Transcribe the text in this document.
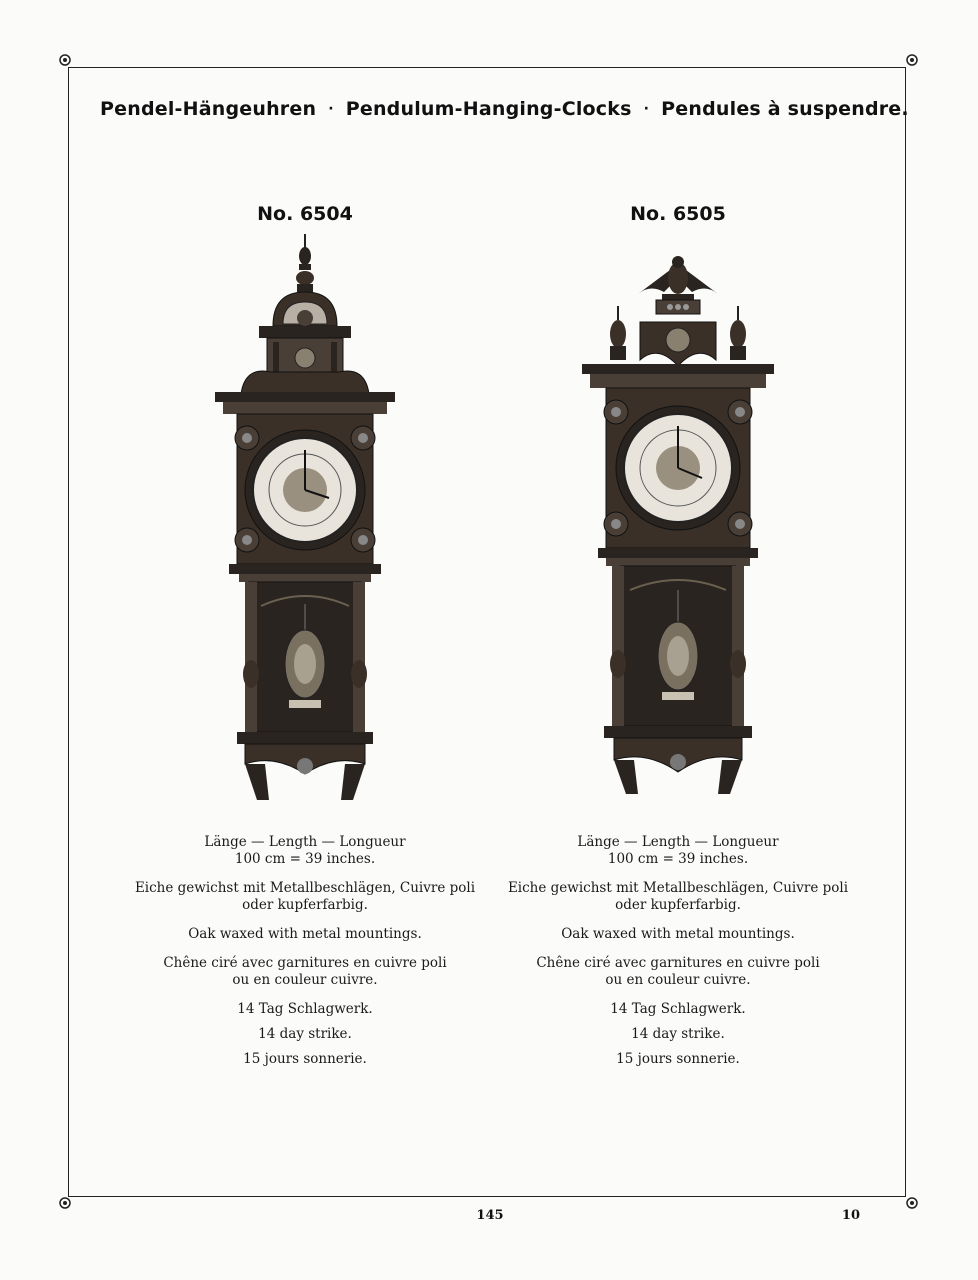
Pendel-Hängeuhren · Pendulum-Hanging-Clocks · Pendules à suspendre.
No. 6504
Länge — Length — Longueur
100 cm = 39 inches.
Eiche gewichst mit Metallbeschlägen, Cuivre poli
oder kupferfarbig.
Oak waxed with metal mountings.
Chêne ciré avec garnitures en cuivre poli
ou en couleur cuivre.
14 Tag Schlagwerk.
14 day strike.
15 jours sonnerie.
No. 6505
Länge — Length — Longueur
100 cm = 39 inches.
Eiche gewichst mit Metallbeschlägen, Cuivre poli
oder kupferfarbig.
Oak waxed with metal mountings.
Chêne ciré avec garnitures en cuivre poli
ou en couleur cuivre.
14 Tag Schlagwerk.
14 day strike.
15 jours sonnerie.
145	10
